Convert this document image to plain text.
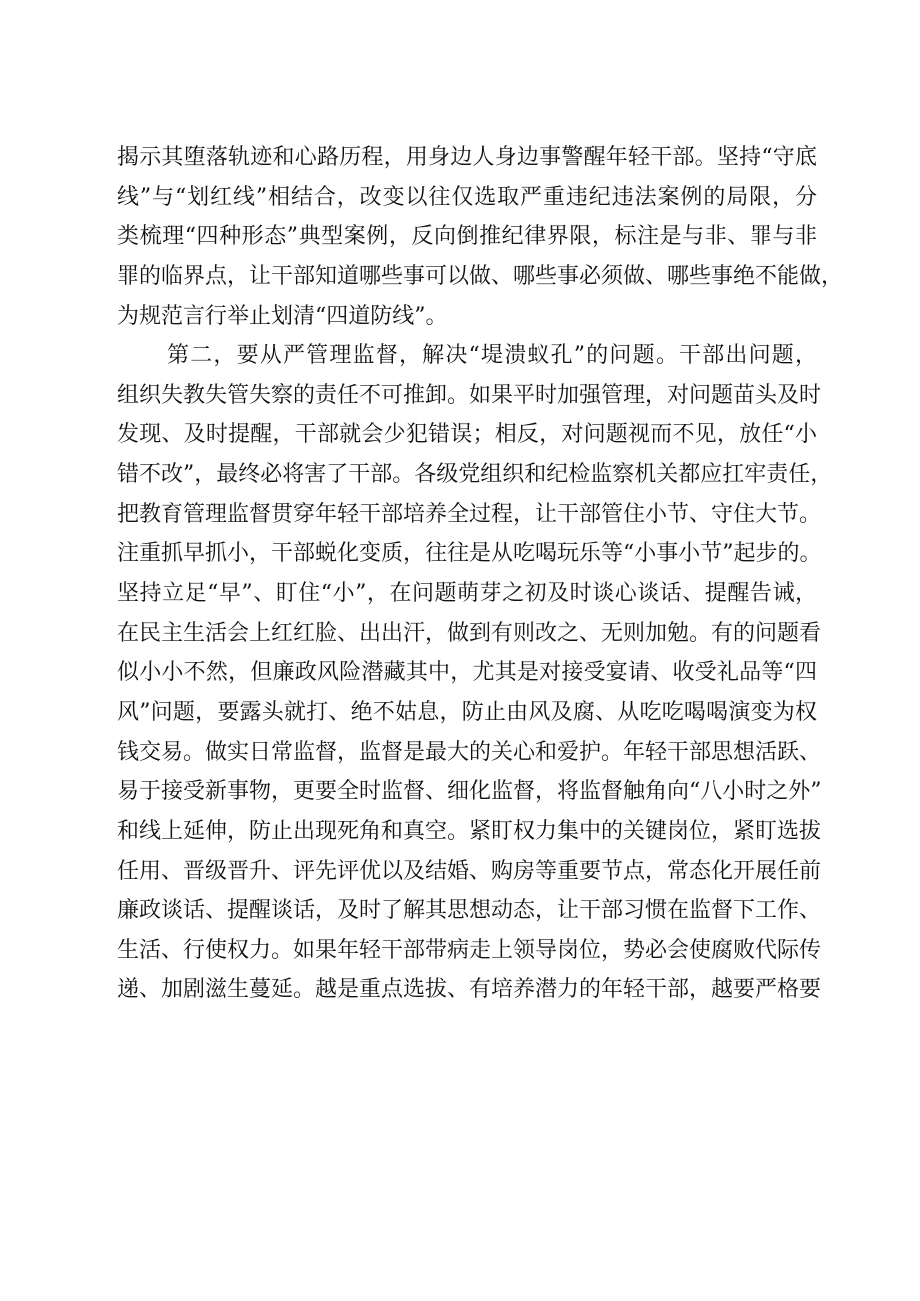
揭示其堕落轨迹和心路历程，用身边人身边事警醒年轻干部。坚持“守底
线”与“划红线”相结合，改变以往仅选取严重违纪违法案例的局限，分
类梳理“四种形态”典型案例，反向倒推纪律界限，标注是与非、罪与非
罪的临界点，让干部知道哪些事可以做、哪些事必须做、哪些事绝不能做，
为规范言行举止划清“四道防线”。
第二，要从严管理监督，解决“堤溃蚁孔”的问题。干部出问题，
组织失教失管失察的责任不可推卸。如果平时加强管理，对问题苗头及时
发现、及时提醒，干部就会少犯错误；相反，对问题视而不见，放任“小
错不改”，最终必将害了干部。各级党组织和纪检监察机关都应扛牢责任，
把教育管理监督贯穿年轻干部培养全过程，让干部管住小节、守住大节。
注重抓早抓小，干部蜕化变质，往往是从吃喝玩乐等“小事小节”起步的。
坚持立足“早”、盯住“小”，在问题萌芽之初及时谈心谈话、提醒告诫，
在民主生活会上红红脸、出出汗，做到有则改之、无则加勉。有的问题看
似小小不然，但廉政风险潜藏其中，尤其是对接受宴请、收受礼品等“四
风”问题，要露头就打、绝不姑息，防止由风及腐、从吃吃喝喝演变为权
钱交易。做实日常监督，监督是最大的关心和爱护。年轻干部思想活跃、
易于接受新事物，更要全时监督、细化监督，将监督触角向“八小时之外”
和线上延伸，防止出现死角和真空。紧盯权力集中的关键岗位，紧盯选拔
任用、晋级晋升、评先评优以及结婚、购房等重要节点，常态化开展任前
廉政谈话、提醒谈话，及时了解其思想动态，让干部习惯在监督下工作、
生活、行使权力。如果年轻干部带病走上领导岗位，势必会使腐败代际传
递、加剧滋生蔓延。越是重点选拔、有培养潜力的年轻干部，越要严格要
